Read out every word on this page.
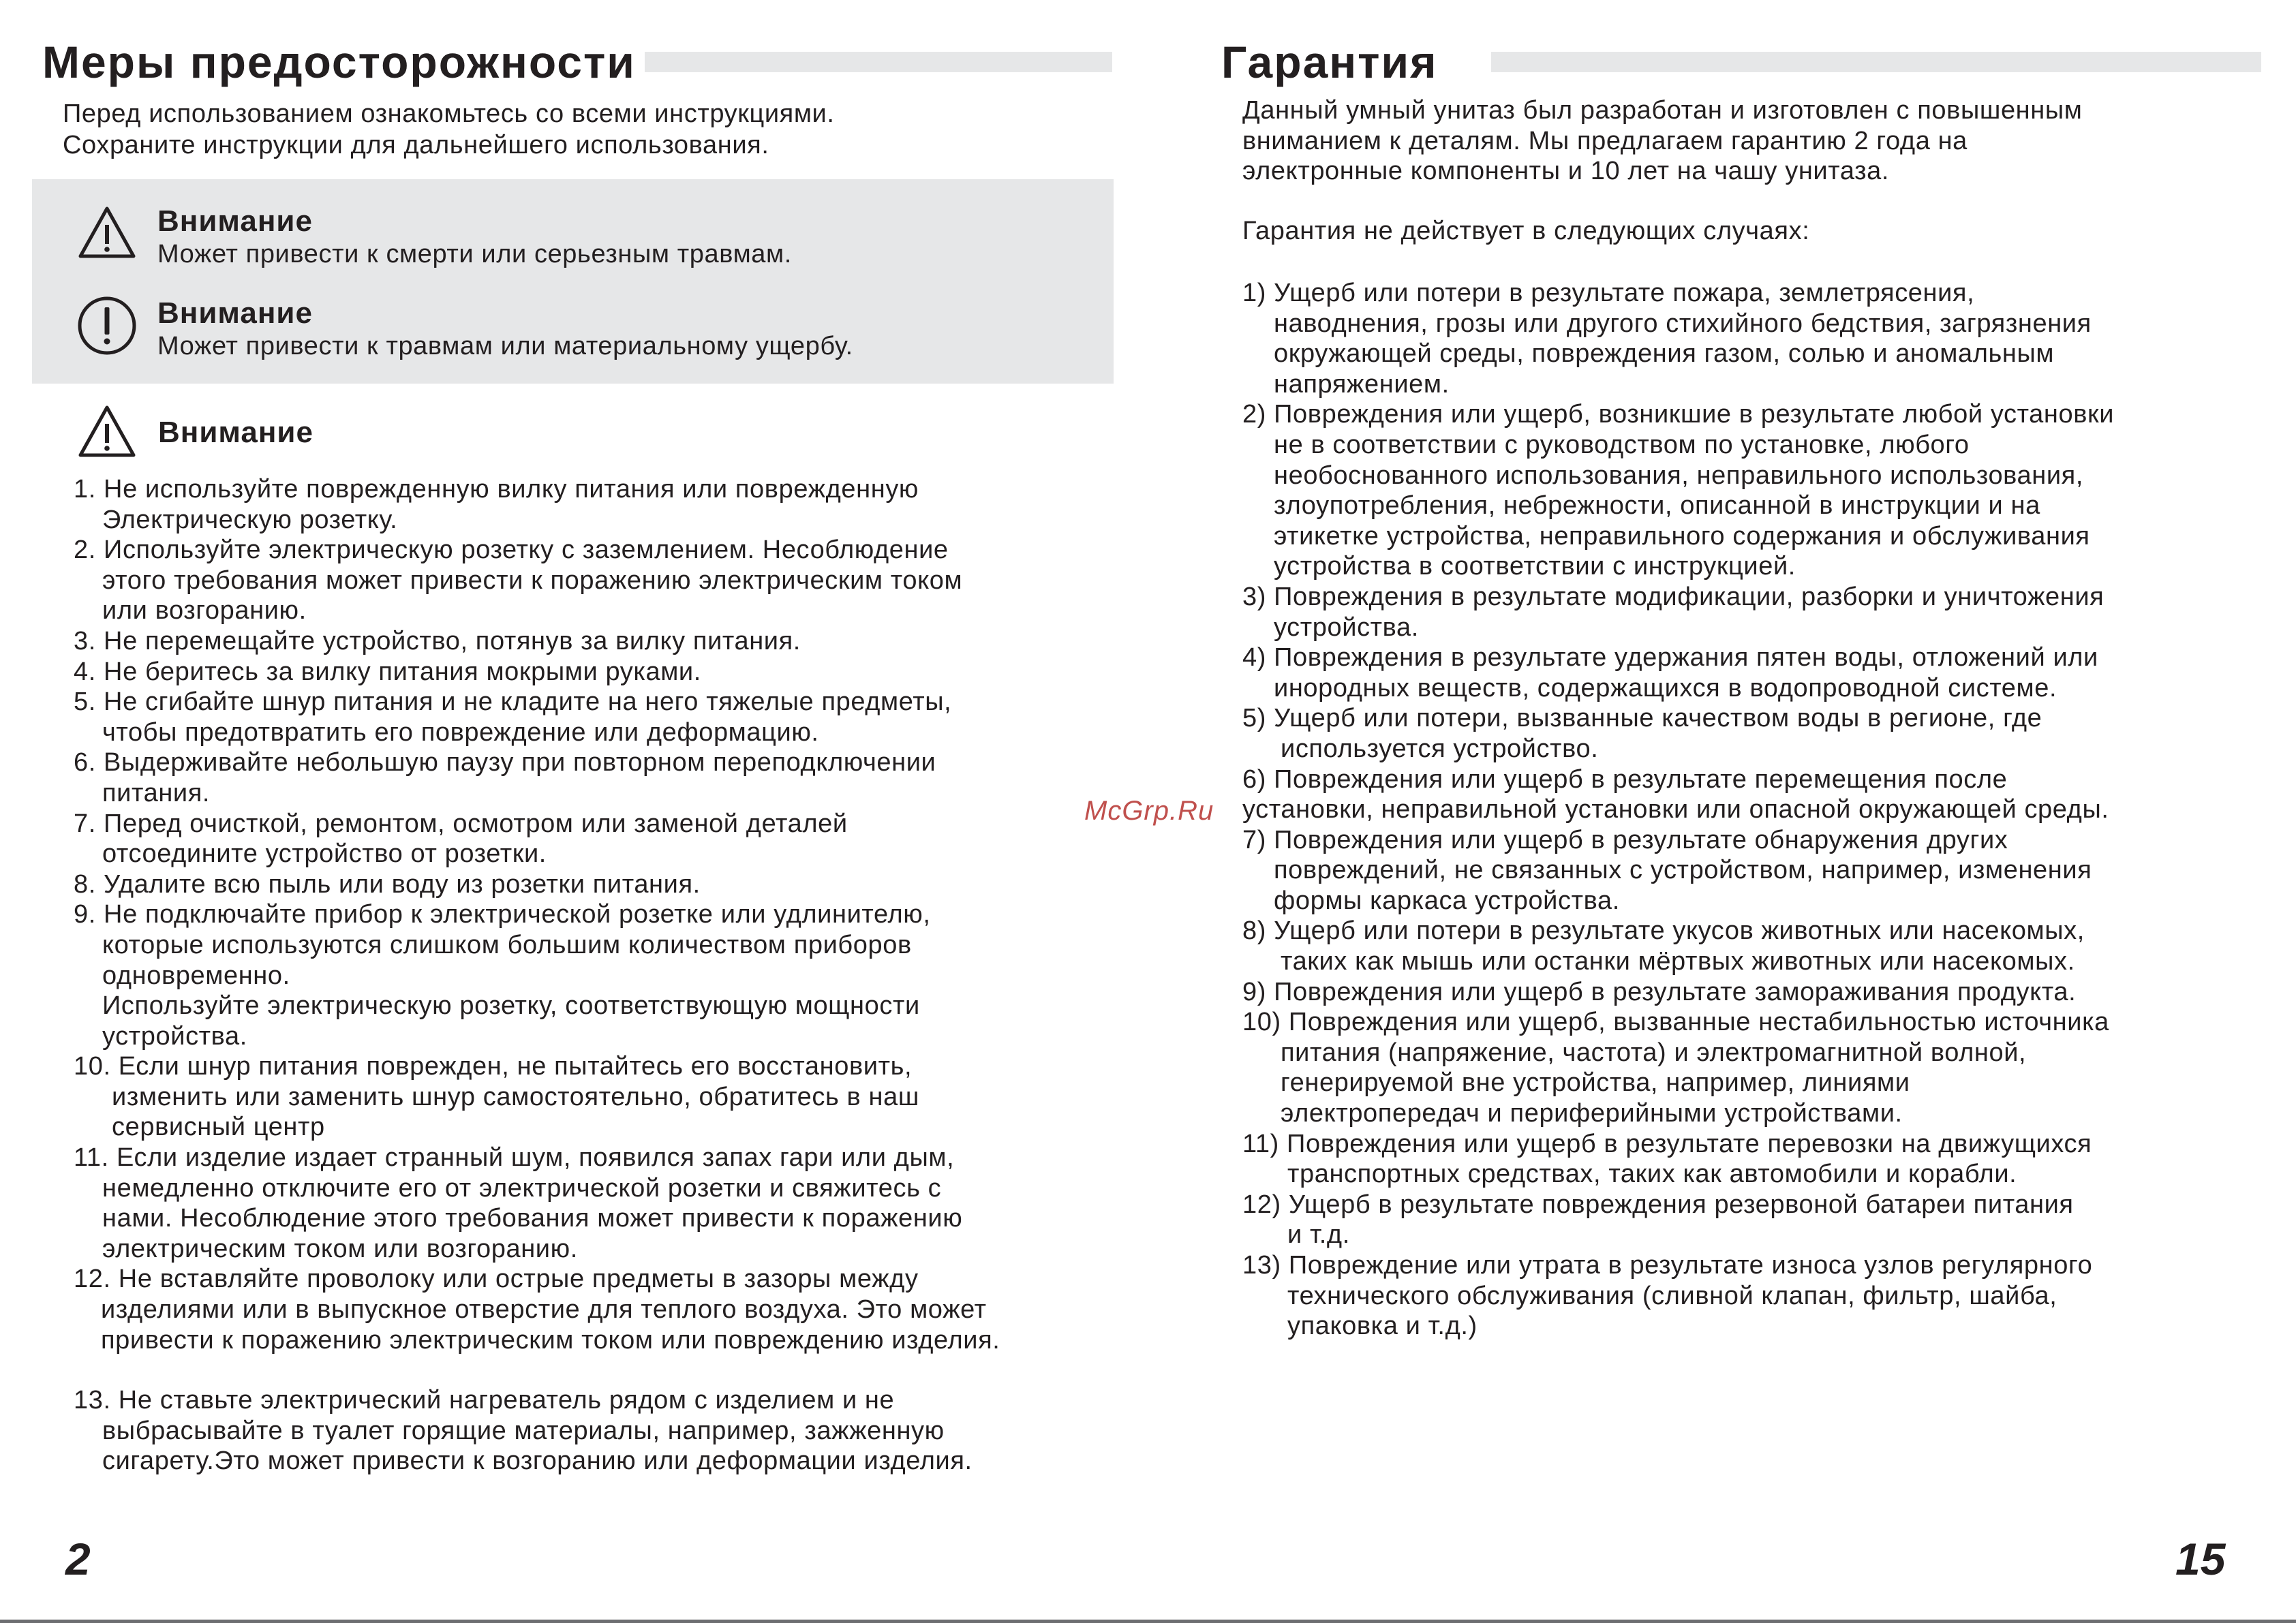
Меры предосторожности
Перед использованием ознакомьтесь со всеми инструкциями.
Сохраните инструкции для дальнейшего использования.
Внимание
Может привести к смерти или серьезным травмам.
Внимание
Может привести к травмам или материальному ущербу.
Внимание
1. Не используйте поврежденную вилку питания или поврежденную
Электрическую розетку.
2. Используйте электрическую розетку с заземлением. Несоблюдение
этого требования может привести к поражению электрическим током
или возгоранию.
3. Не перемещайте устройство, потянув за вилку питания.
4. Не беритесь за вилку питания мокрыми руками.
5. Не сгибайте шнур питания и не кладите на него тяжелые предметы,
чтобы предотвратить его повреждение или деформацию.
6. Выдерживайте небольшую паузу при повторном переподключении
питания.
7. Перед очисткой, ремонтом, осмотром или заменой деталей
отсоедините устройство от розетки.
8. Удалите всю пыль или воду из розетки питания.
9. Не подключайте прибор к электрической розетке или удлинителю,
которые используются слишком большим количеством приборов
одновременно.
Используйте электрическую розетку, соответствующую мощности
устройства.
10. Если шнур питания поврежден, не пытайтесь его восстановить,
изменить или заменить шнур самостоятельно, обратитесь в наш
сервисный центр
11. Если изделие издает странный шум, появился запах гари или дым,
немедленно отключите его от электрической розетки и свяжитесь с
нами. Несоблюдение этого требования может привести к поражению
электрическим током или возгоранию.
12. Не вставляйте проволоку или острые предметы в зазоры между
изделиями или в выпускное отверстие для теплого воздуха. Это может
привести к поражению электрическим током или повреждению изделия.
13. Не ставьте электрический нагреватель рядом с изделием и не
выбрасывайте в туалет горящие материалы, например, зажженную
сигарету.Это может привести к возгоранию или деформации изделия.
2
McGrp.Ru
Гарантия
Данный умный унитаз был разработан и изготовлен с повышенным
вниманием к деталям. Мы предлагаем гарантию 2 года на
электронные компоненты и 10 лет на чашу унитаза.
Гарантия не действует в следующих случаях:
1) Ущерб или потери в результате пожара, землетрясения,
наводнения, грозы или другого стихийного бедствия, загрязнения
окружающей среды, повреждения газом, солью и аномальным
напряжением.
2) Повреждения или ущерб, возникшие в результате любой установки
не в соответствии с руководством по установке, любого
необоснованного использования, неправильного использования,
злоупотребления, небрежности, описанной в инструкции и на
этикетке устройства, неправильного содержания и обслуживания
устройства в соответствии с инструкцией.
3) Повреждения в результате модификации, разборки и уничтожения
устройства.
4) Повреждения в результате удержания пятен воды, отложений или
инородных веществ, содержащихся в водопроводной системе.
5) Ущерб или потери, вызванные качеством воды в регионе, где
используется устройство.
6) Повреждения или ущерб в результате перемещения после
установки, неправильной установки или опасной окружающей среды.
7) Повреждения или ущерб в результате обнаружения других
повреждений, не связанных с устройством, например, изменения
формы каркаса устройства.
8) Ущерб или потери в результате укусов животных или насекомых,
таких как мышь или останки мёртвых животных или насекомых.
9) Повреждения или ущерб в результате замораживания продукта.
10) Повреждения или ущерб, вызванные нестабильностью источника
питания (напряжение, частота) и электромагнитной волной,
генерируемой вне устройства, например, линиями
электропередач и периферийными устройствами.
11) Повреждения или ущерб в результате перевозки на движущихся
транспортных средствах, таких как автомобили и корабли.
12) Ущерб в результате повреждения резервоной батареи питания
и т.д.
13) Повреждение или утрата в результате износа узлов регулярного
технического обслуживания (сливной клапан, фильтр, шайба,
упаковка и т.д.)
15
